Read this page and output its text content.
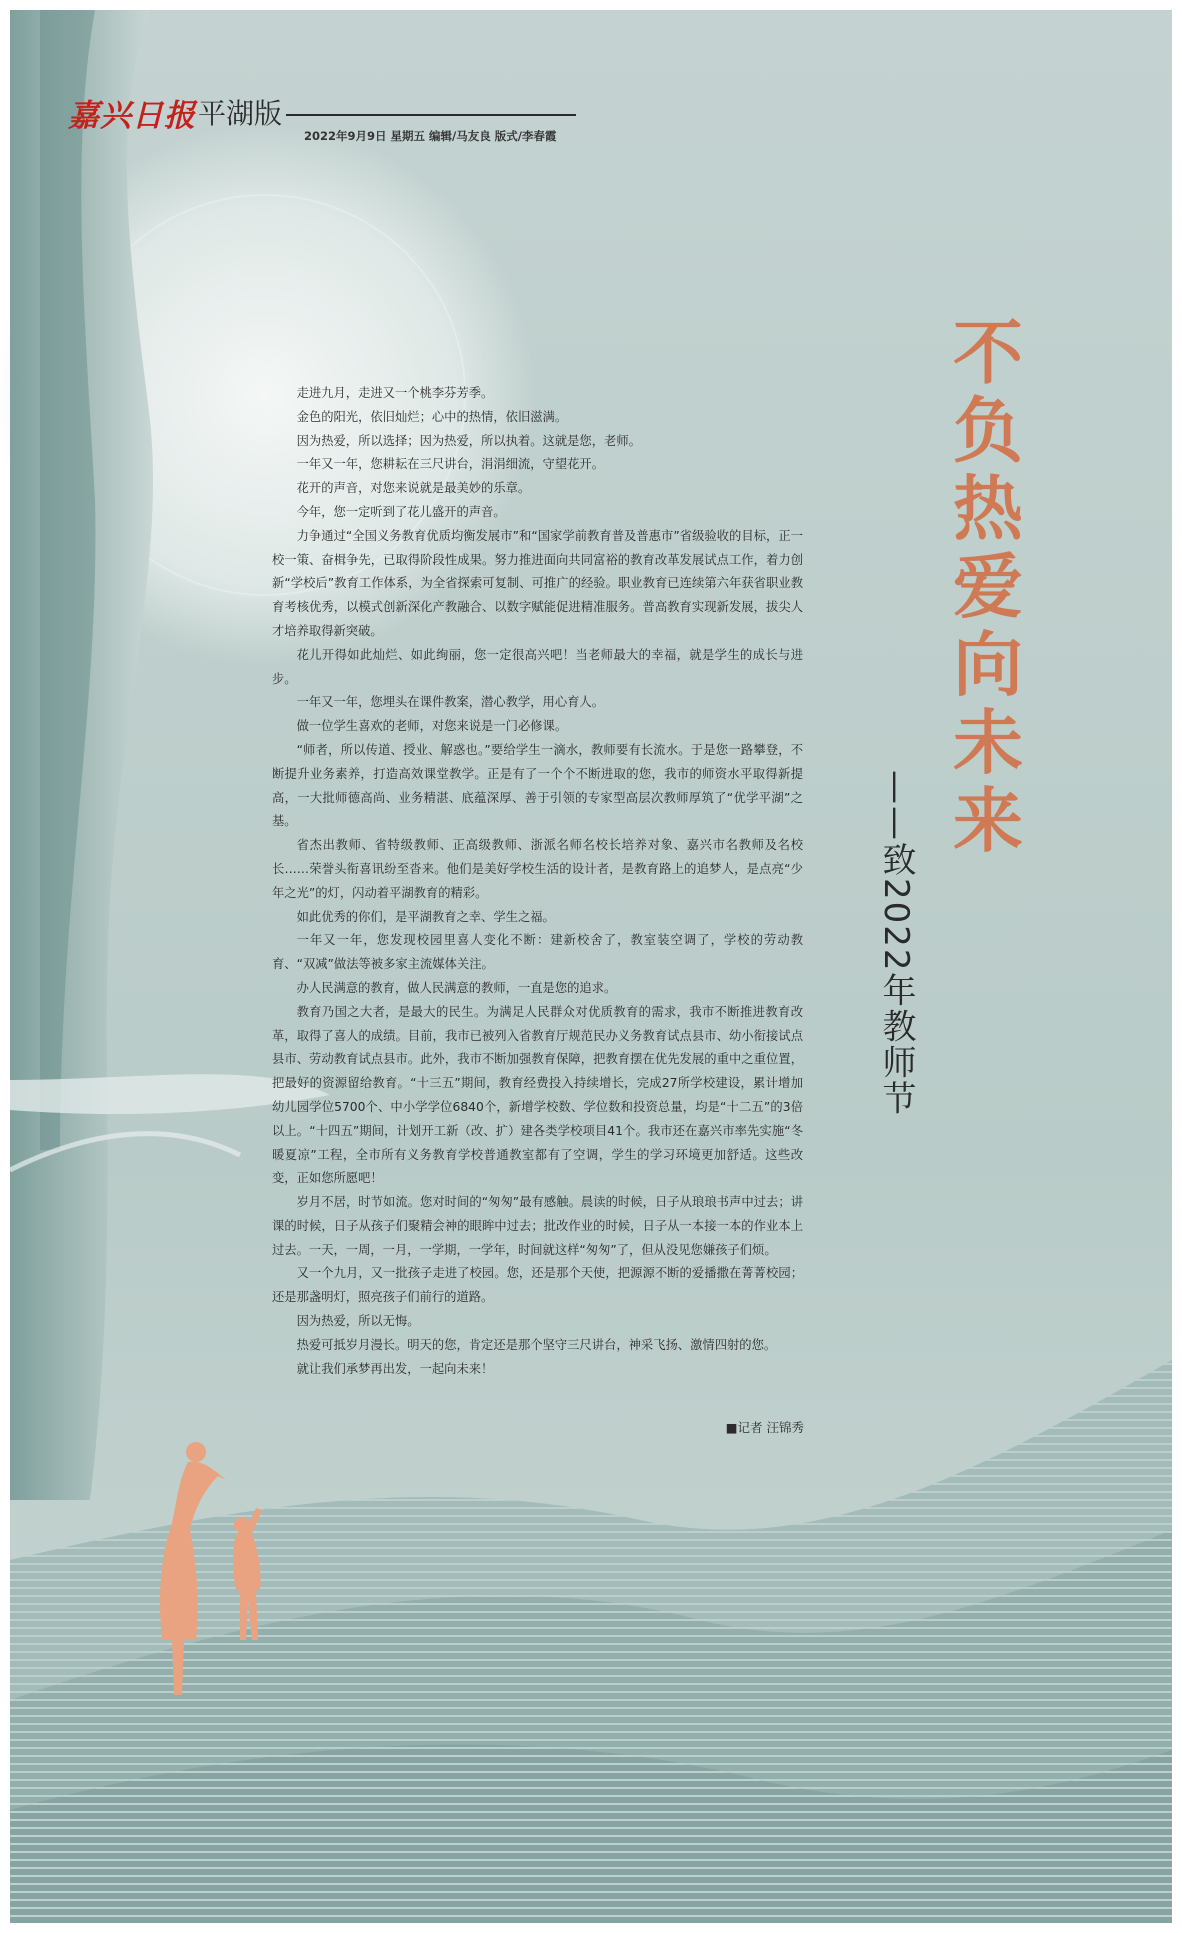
嘉兴日报 平湖版
2022年9月9日 星期五 编辑/马友良 版式/李春霞
不
负
热
爱
向
未
来
——致2022年教师节

走进九月，走进又一个桃李芬芳季。

金色的阳光，依旧灿烂；心中的热情，依旧滋满。

因为热爱，所以选择；因为热爱，所以执着。这就是您，老师。

一年又一年，您耕耘在三尺讲台，涓涓细流，守望花开。

花开的声音，对您来说就是最美妙的乐章。

今年，您一定听到了花儿盛开的声音。

力争通过“全国义务教育优质均衡发展市”和“国家学前教育普及普惠市”省级验收的目标，正一校一策、奋楫争先，已取得阶段性成果。努力推进面向共同富裕的教育改革发展试点工作，着力创新“学校后”教育工作体系，为全省探索可复制、可推广的经验。职业教育已连续第六年获省职业教育考核优秀，以模式创新深化产教融合、以数字赋能促进精准服务。普高教育实现新发展，拔尖人才培养取得新突破。

花儿开得如此灿烂、如此绚丽，您一定很高兴吧！当老师最大的幸福，就是学生的成长与进步。

一年又一年，您埋头在课件教案，潜心教学，用心育人。

做一位学生喜欢的老师，对您来说是一门必修课。

“师者，所以传道、授业、解惑也。”要给学生一滴水，教师要有长流水。于是您一路攀登，不断提升业务素养，打造高效课堂教学。正是有了一个个不断进取的您，我市的师资水平取得新提高，一大批师德高尚、业务精湛、底蕴深厚、善于引领的专家型高层次教师厚筑了“优学平湖”之基。

省杰出教师、省特级教师、正高级教师、浙派名师名校长培养对象、嘉兴市名教师及名校长……荣誉头衔喜讯纷至沓来。他们是美好学校生活的设计者，是教育路上的追梦人，是点亮“少年之光”的灯，闪动着平湖教育的精彩。

如此优秀的你们，是平湖教育之幸、学生之福。

一年又一年，您发现校园里喜人变化不断：建新校舍了，教室装空调了，学校的劳动教育、“双减”做法等被多家主流媒体关注。

办人民满意的教育，做人民满意的教师，一直是您的追求。

教育乃国之大者，是最大的民生。为满足人民群众对优质教育的需求，我市不断推进教育改革，取得了喜人的成绩。目前，我市已被列入省教育厅规范民办义务教育试点县市、幼小衔接试点县市、劳动教育试点县市。此外，我市不断加强教育保障，把教育摆在优先发展的重中之重位置，把最好的资源留给教育。“十三五”期间，教育经费投入持续增长，完成27所学校建设，累计增加幼儿园学位5700个、中小学学位6840个，新增学校数、学位数和投资总量，均是“十二五”的3倍以上。“十四五”期间，计划开工新（改、扩）建各类学校项目41个。我市还在嘉兴市率先实施“冬暖夏凉”工程，全市所有义务教育学校普通教室都有了空调，学生的学习环境更加舒适。这些改变，正如您所愿吧！

岁月不居，时节如流。您对时间的“匆匆”最有感触。晨读的时候，日子从琅琅书声中过去；讲课的时候，日子从孩子们聚精会神的眼眸中过去；批改作业的时候，日子从一本接一本的作业本上过去。一天，一周，一月，一学期，一学年，时间就这样“匆匆”了，但从没见您嫌孩子们烦。

又一个九月，又一批孩子走进了校园。您，还是那个天使，把源源不断的爱播撒在菁菁校园；还是那盏明灯，照亮孩子们前行的道路。

因为热爱，所以无悔。

热爱可抵岁月漫长。明天的您，肯定还是那个坚守三尺讲台，神采飞扬、激情四射的您。

就让我们承梦再出发，一起向未来！

■记者 汪锦秀
